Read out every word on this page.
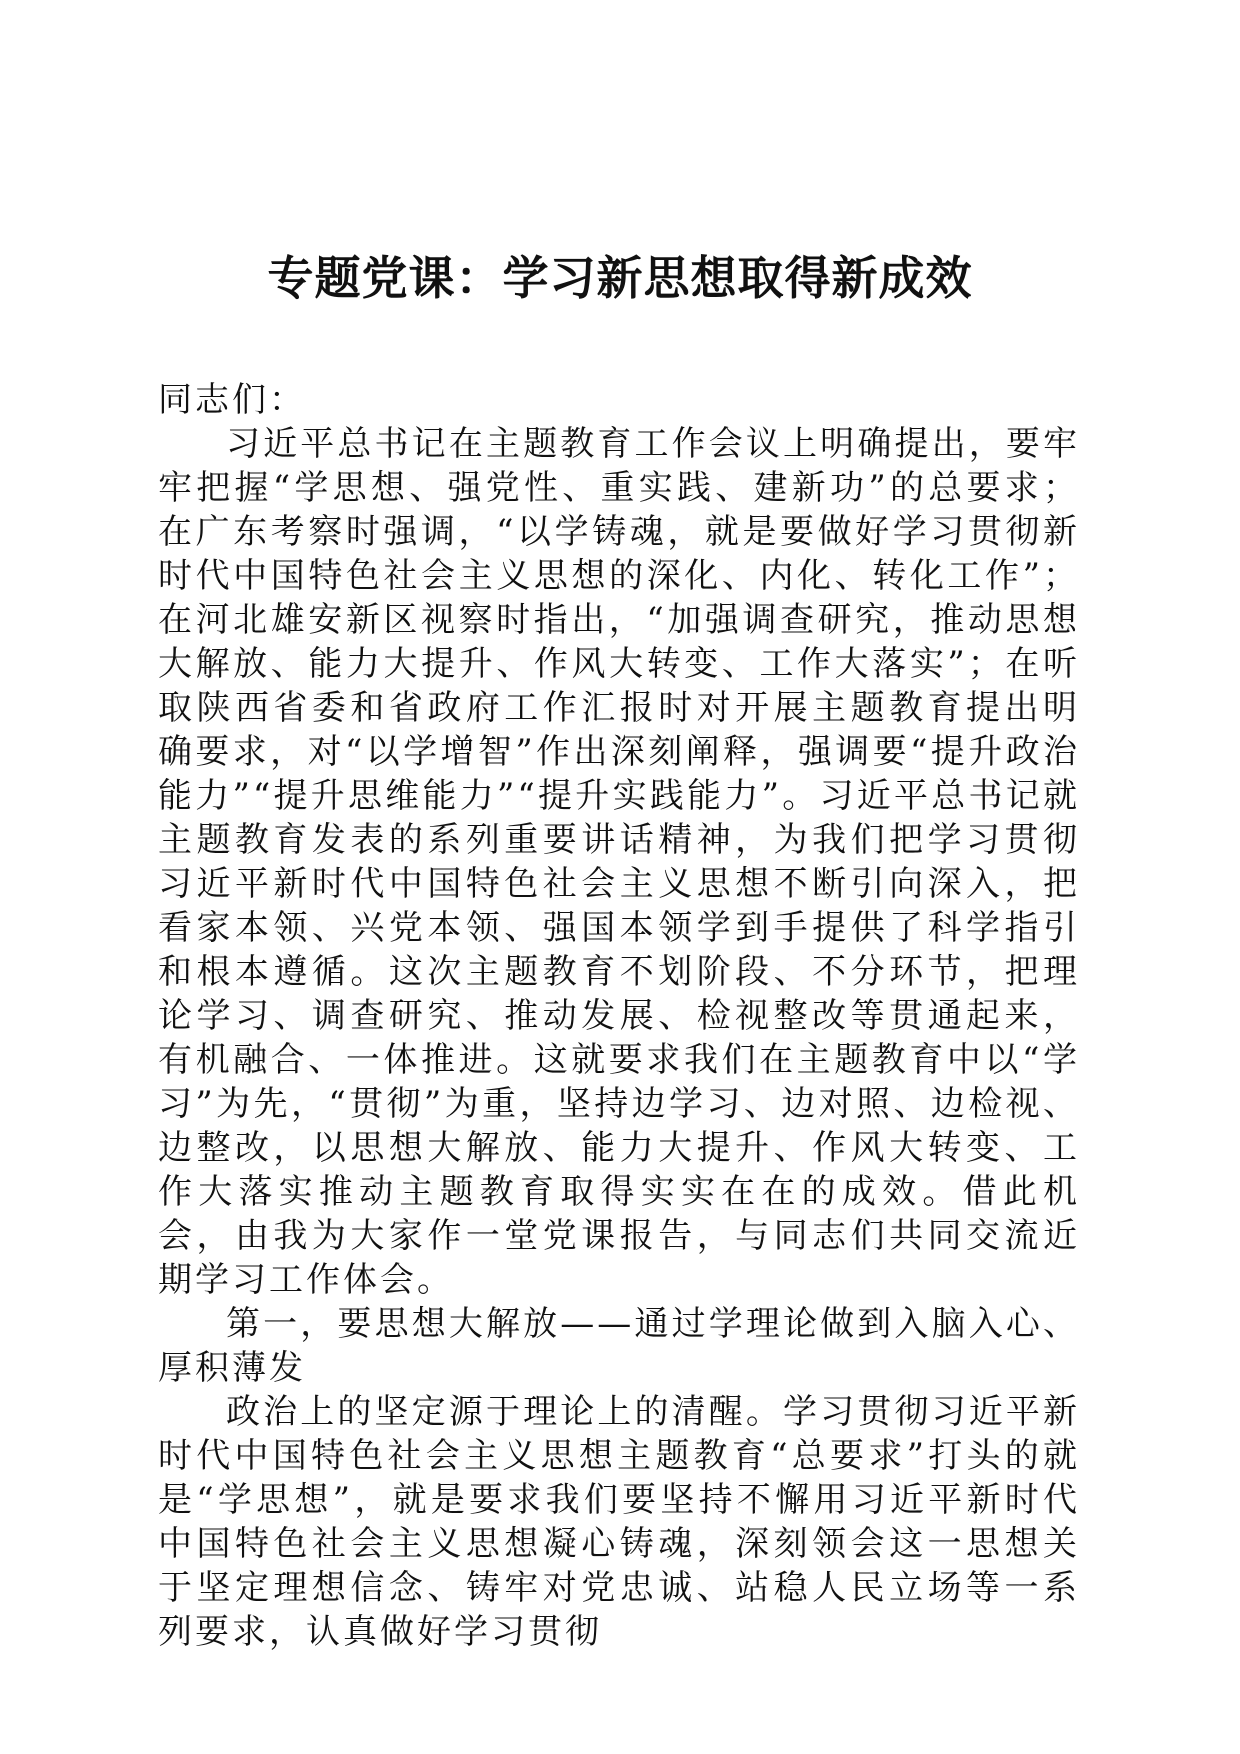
专题党课：学习新思想取得新成效

同志们：

习近平总书记在主题教育工作会议上明确提出，要牢牢把握“学思想、强党性、重实践、建新功”的总要求；在广东考察时强调，“以学铸魂，就是要做好学习贯彻新时代中国特色社会主义思想的深化、内化、转化工作”；在河北雄安新区视察时指出，“加强调查研究，推动思想大解放、能力大提升、作风大转变、工作大落实”；在听取陕西省委和省政府工作汇报时对开展主题教育提出明确要求，对“以学增智”作出深刻阐释，强调要“提升政治能力”“提升思维能力”“提升实践能力”。习近平总书记就主题教育发表的系列重要讲话精神，为我们把学习贯彻习近平新时代中国特色社会主义思想不断引向深入，把看家本领、兴党本领、强国本领学到手提供了科学指引和根本遵循。这次主题教育不划阶段、不分环节，把理论学习、调查研究、推动发展、检视整改等贯通起来，有机融合、一体推进。这就要求我们在主题教育中以“学习”为先，“贯彻”为重，坚持边学习、边对照、边检视、边整改，以思想大解放、能力大提升、作风大转变、工作大落实推动主题教育取得实实在在的成效。借此机会，由我为大家作一堂党课报告，与同志们共同交流近期学习工作体会。

第一，要思想大解放——通过学理论做到入脑入心、厚积薄发

政治上的坚定源于理论上的清醒。学习贯彻习近平新时代中国特色社会主义思想主题教育“总要求”打头的就是“学思想”，就是要求我们要坚持不懈用习近平新时代中国特色社会主义思想凝心铸魂，深刻领会这一思想关于坚定理想信念、铸牢对党忠诚、站稳人民立场等一系列要求，认真做好学习贯彻
